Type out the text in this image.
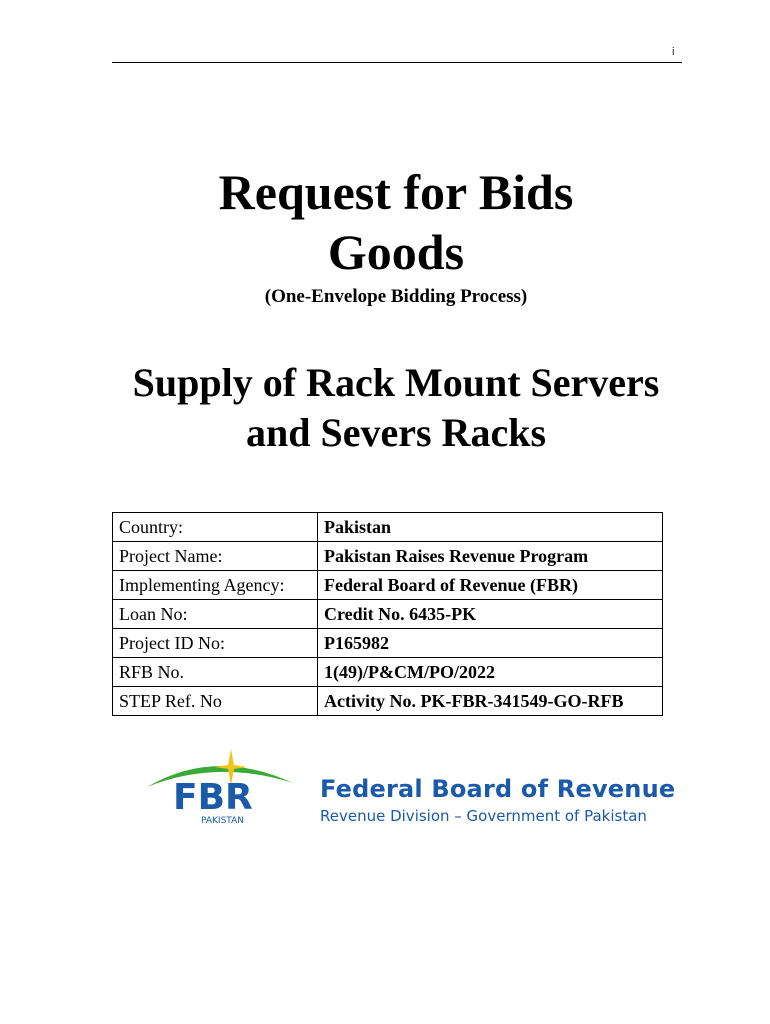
i
Request for Bids
Goods
(One-Envelope Bidding Process)
Supply of Rack Mount Servers
and Severs Racks
Country:	Pakistan
Project Name:	Pakistan Raises Revenue Program
Implementing Agency:	Federal Board of Revenue (FBR)
Loan No:	Credit No. 6435-PK
Project ID No:	P165982
RFB No.	1(49)/P&CM/PO/2022
STEP Ref. No	Activity No. PK-FBR-341549-GO-RFB
FBR
PAKISTAN
Federal Board of Revenue
Revenue Division – Government of Pakistan
